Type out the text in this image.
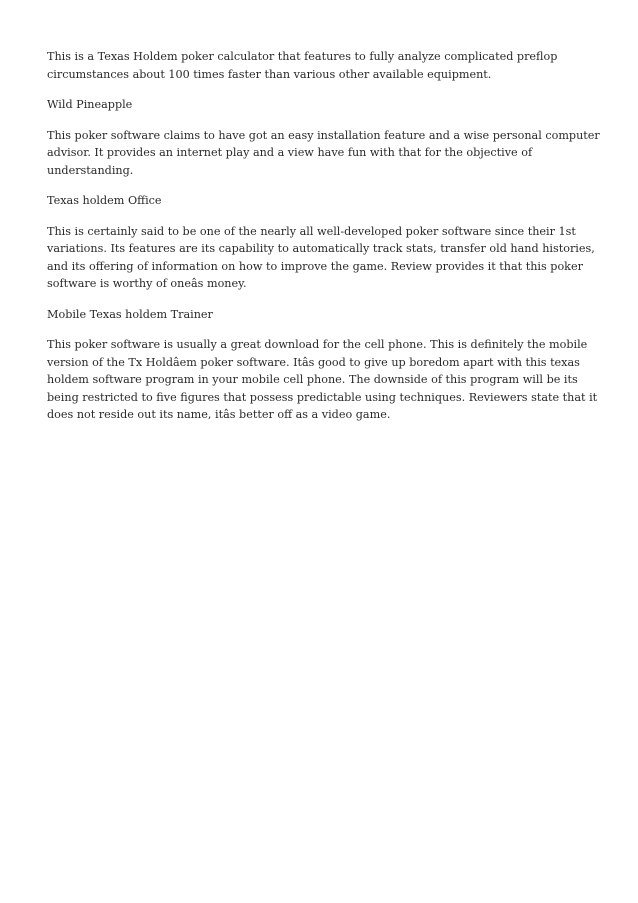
This is a Texas Holdem poker calculator that features to fully analyze complicated preflop circumstances about 100 times faster than various other available equipment.

Wild Pineapple

This poker software claims to have got an easy installation feature and a wise personal computer advisor. It provides an internet play and a view have fun with that for the objective of understanding.

Texas holdem Office

This is certainly said to be one of the nearly all well-developed poker software since their 1st variations. Its features are its capability to automatically track stats, transfer old hand histories, and its offering of information on how to improve the game. Review provides it that this poker software is worthy of oneâs money.

Mobile Texas holdem Trainer

This poker software is usually a great download for the cell phone. This is definitely the mobile version of the Tx Holdâem poker software. Itâs good to give up boredom apart with this texas holdem software program in your mobile cell phone. The downside of this program will be its being restricted to five figures that possess predictable using techniques. Reviewers state that it does not reside out its name, itâs better off as a video game.
